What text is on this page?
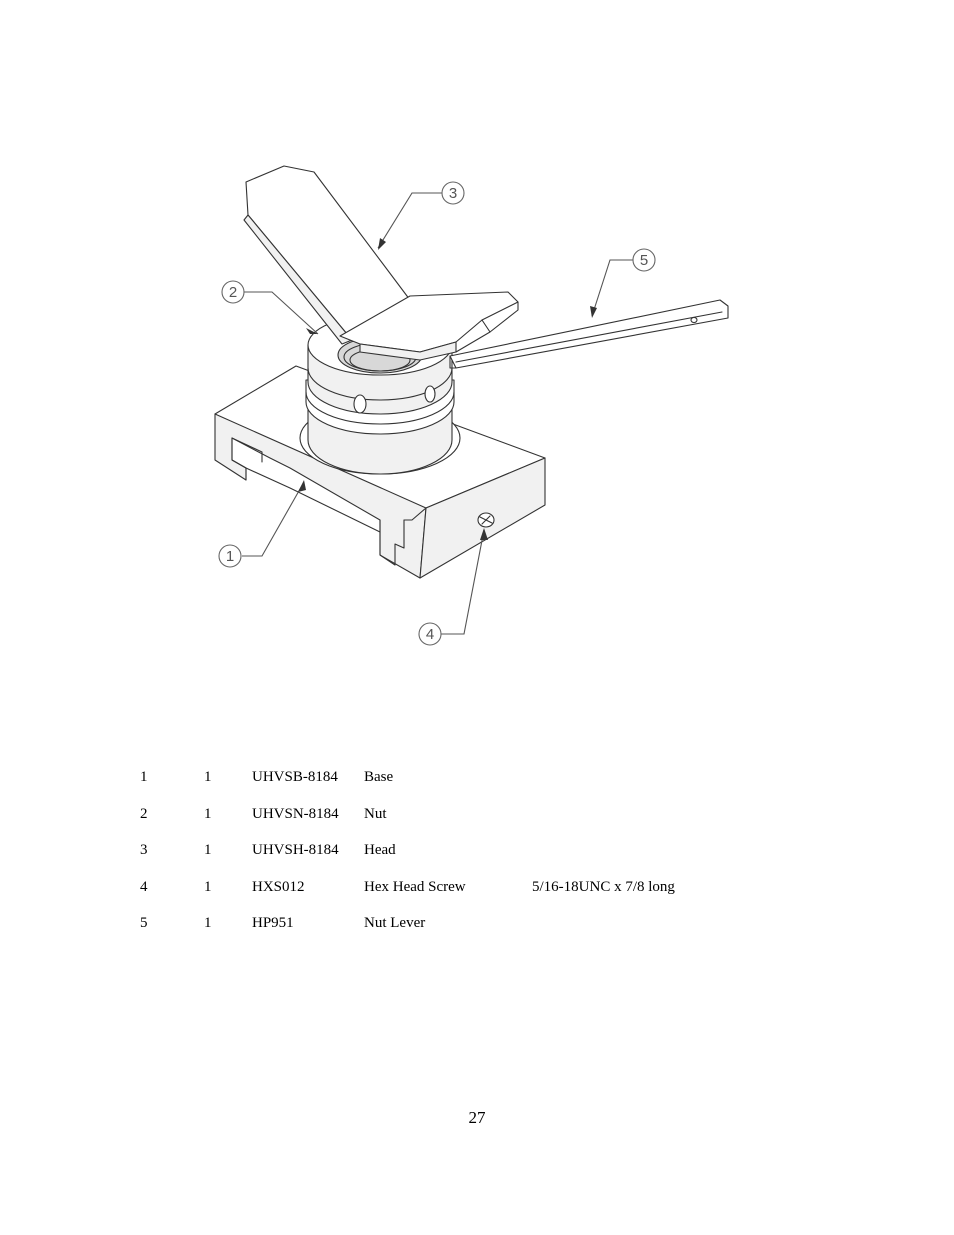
1
2
3
4
5
1	1	UHVSB-8184 Base
2	1	UHVSN-8184 Nut
3	1	UHVSH-8184 Head
4	1	HXS012	Hex Head Screw	5/16-18UNC x 7/8 long
5	1	HP951	Nut Lever
27
